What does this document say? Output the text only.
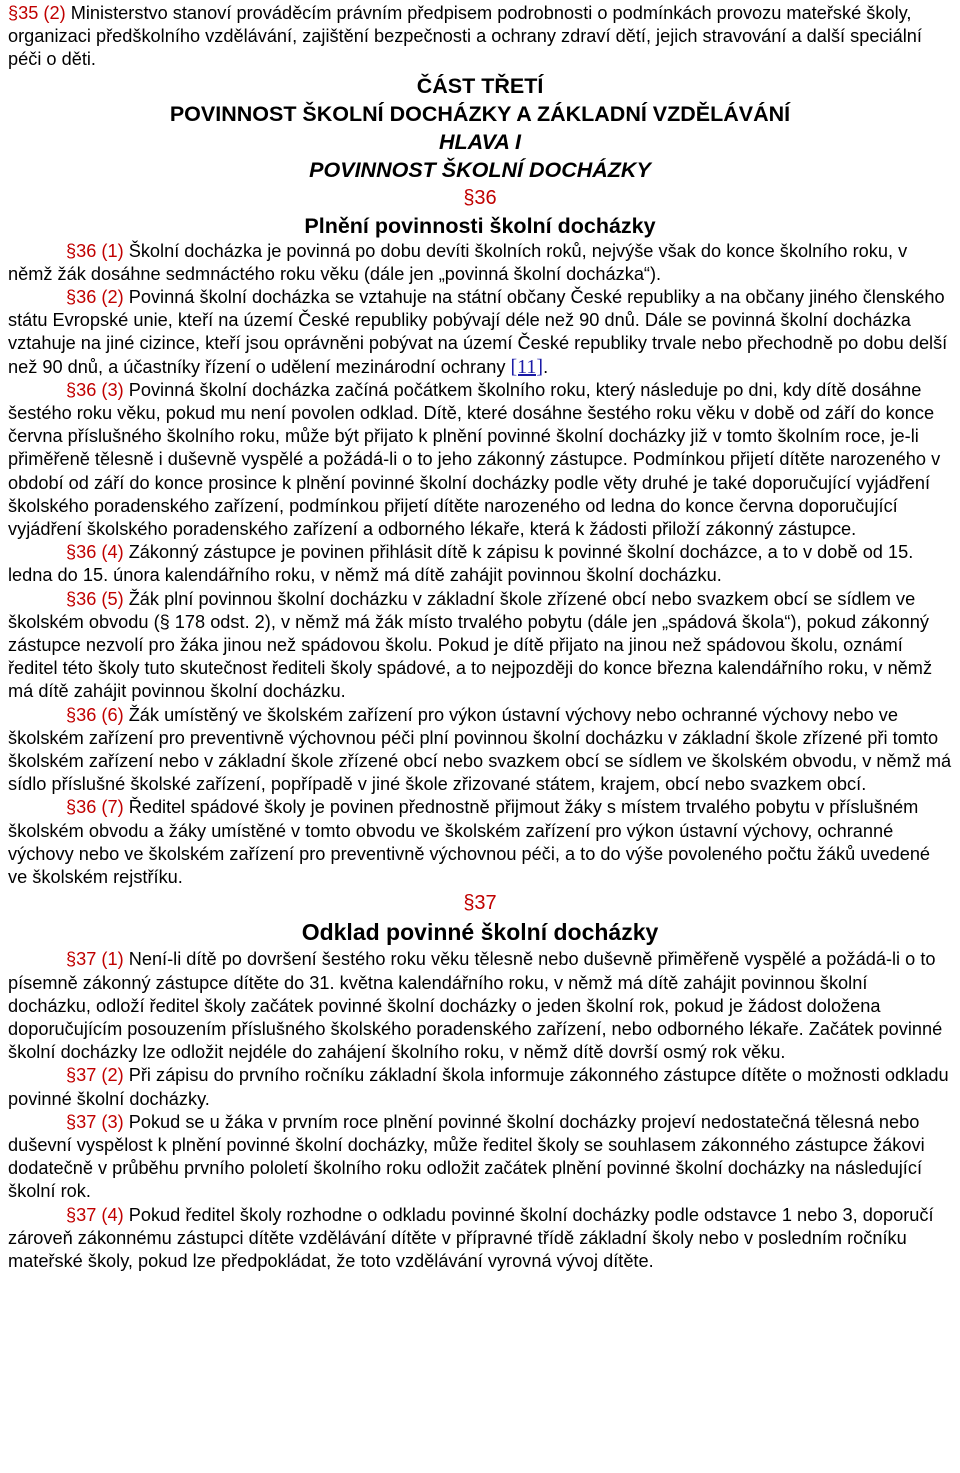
§35 (2) Ministerstvo stanoví prováděcím právním předpisem podrobnosti o podmínkách provozu mateřské školy, organizaci předškolního vzdělávání, zajištění bezpečnosti a ochrany zdraví dětí, jejich stravování a další speciální péči o děti.

ČÁST TŘETÍ
POVINNOST ŠKOLNÍ DOCHÁZKY A ZÁKLADNÍ VZDĚLÁVÁNÍ
HLAVA I
POVINNOST ŠKOLNÍ DOCHÁZKY
§36
Plnění povinnosti školní docházky

§36 (1) Školní docházka je povinná po dobu devíti školních roků, nejvýše však do konce školního roku, v němž žák dosáhne sedmnáctého roku věku (dále jen „povinná školní docházka“).

§36 (2) Povinná školní docházka se vztahuje na státní občany České republiky a na občany jiného členského státu Evropské unie, kteří na území České republiky pobývají déle než 90 dnů. Dále se povinná školní docházka vztahuje na jiné cizince, kteří jsou oprávněni pobývat na území České republiky trvale nebo přechodně po dobu delší než 90 dnů, a účastníky řízení o udělení mezinárodní ochrany [11].

§36 (3) Povinná školní docházka začíná počátkem školního roku, který následuje po dni, kdy dítě dosáhne šestého roku věku, pokud mu není povolen odklad. Dítě, které dosáhne šestého roku věku v době od září do konce června příslušného školního roku, může být přijato k plnění povinné školní docházky již v tomto školním roce, je-li přiměřeně tělesně i duševně vyspělé a požádá-li o to jeho zákonný zástupce. Podmínkou přijetí dítěte narozeného v období od září do konce prosince k plnění povinné školní docházky podle věty druhé je také doporučující vyjádření školského poradenského zařízení, podmínkou přijetí dítěte narozeného od ledna do konce června doporučující vyjádření školského poradenského zařízení a odborného lékaře, která k žádosti přiloží zákonný zástupce.

§36 (4) Zákonný zástupce je povinen přihlásit dítě k zápisu k povinné školní docházce, a to v době od 15. ledna do 15. února kalendářního roku, v němž má dítě zahájit povinnou školní docházku.

§36 (5) Žák plní povinnou školní docházku v základní škole zřízené obcí nebo svazkem obcí se sídlem ve školském obvodu (§ 178 odst. 2), v němž má žák místo trvalého pobytu (dále jen „spádová škola“), pokud zákonný zástupce nezvolí pro žáka jinou než spádovou školu. Pokud je dítě přijato na jinou než spádovou školu, oznámí ředitel této školy tuto skutečnost řediteli školy spádové, a to nejpozději do konce března kalendářního roku, v němž má dítě zahájit povinnou školní docházku.

§36 (6) Žák umístěný ve školském zařízení pro výkon ústavní výchovy nebo ochranné výchovy nebo ve školském zařízení pro preventivně výchovnou péči plní povinnou školní docházku v základní škole zřízené při tomto školském zařízení nebo v základní škole zřízené obcí nebo svazkem obcí se sídlem ve školském obvodu, v němž má sídlo příslušné školské zařízení, popřípadě v jiné škole zřizované státem, krajem, obcí nebo svazkem obcí.

§36 (7) Ředitel spádové školy je povinen přednostně přijmout žáky s místem trvalého pobytu v příslušném školském obvodu a žáky umístěné v tomto obvodu ve školském zařízení pro výkon ústavní výchovy, ochranné výchovy nebo ve školském zařízení pro preventivně výchovnou péči, a to do výše povoleného počtu žáků uvedené ve školském rejstříku.

§37
Odklad povinné školní docházky

§37 (1) Není-li dítě po dovršení šestého roku věku tělesně nebo duševně přiměřeně vyspělé a požádá-li o to písemně zákonný zástupce dítěte do 31. května kalendářního roku, v němž má dítě zahájit povinnou školní docházku, odloží ředitel školy začátek povinné školní docházky o jeden školní rok, pokud je žádost doložena doporučujícím posouzením příslušného školského poradenského zařízení, nebo odborného lékaře. Začátek povinné školní docházky lze odložit nejdéle do zahájení školního roku, v němž dítě dovrší osmý rok věku.

§37 (2) Při zápisu do prvního ročníku základní škola informuje zákonného zástupce dítěte o možnosti odkladu povinné školní docházky.

§37 (3) Pokud se u žáka v prvním roce plnění povinné školní docházky projeví nedostatečná tělesná nebo duševní vyspělost k plnění povinné školní docházky, může ředitel školy se souhlasem zákonného zástupce žákovi dodatečně v průběhu prvního pololetí školního roku odložit začátek plnění povinné školní docházky na následující školní rok.

§37 (4) Pokud ředitel školy rozhodne o odkladu povinné školní docházky podle odstavce 1 nebo 3, doporučí zároveň zákonnému zástupci dítěte vzdělávání dítěte v přípravné třídě základní školy nebo v posledním ročníku mateřské školy, pokud lze předpokládat, že toto vzdělávání vyrovná vývoj dítěte.
